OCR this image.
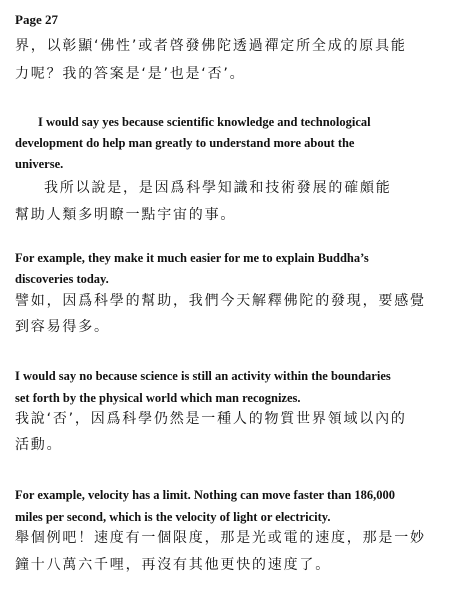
Page 27
界，以彰顯‘佛性’或者啓發佛陀透過禪定所全成的原具能
力呢？我的答案是‘是’也是‘否’。
I would say yes because scientific knowledge and technological
development do help man greatly to understand more about the
universe.
我所以說是，是因爲科學知識和技術發展的確頗能
幫助人類多明瞭一點宇宙的事。
For example, they make it much easier for me to explain Buddha’s
discoveries today.
譬如，因爲科學的幫助，我們今天解釋佛陀的發現，要感覺
到容易得多。
I would say no because science is still an activity within the boundaries
set forth by the physical world which man recognizes.
我說‘否’，因爲科學仍然是一種人的物質世界領域以內的
活動。
For example, velocity has a limit. Nothing can move faster than 186,000
miles per second, which is the velocity of light or electricity.
舉個例吧！速度有一個限度，那是光或電的速度，那是一妙
鐘十八萬六千哩，再沒有其他更快的速度了。
